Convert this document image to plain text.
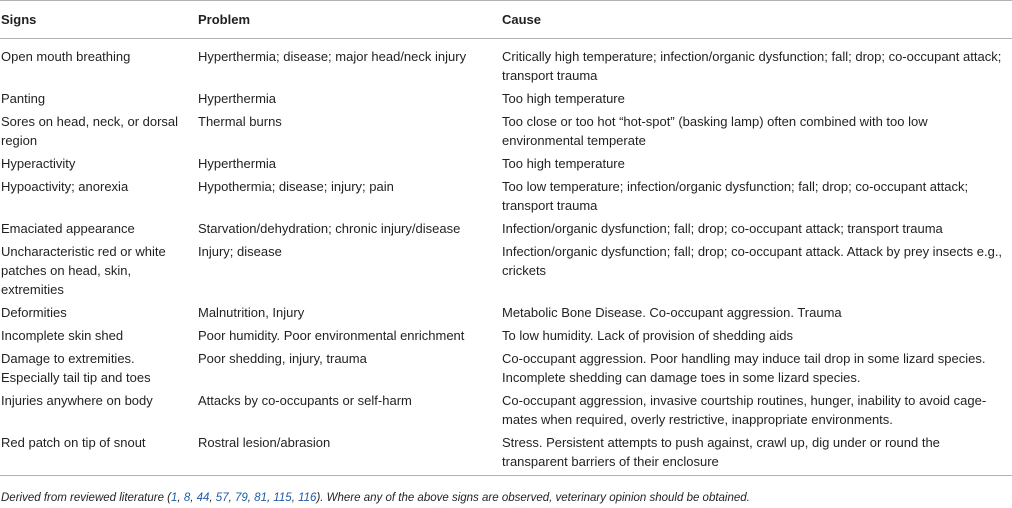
Signs	Problem	Cause
Open mouth breathing	Hyperthermia; disease; major head/neck injury	Critically high temperature; infection/organic dysfunction; fall; drop; co-occupant attack; transport trauma
Panting	Hyperthermia	Too high temperature
Sores on head, neck, or dorsal region	Thermal burns	Too close or too hot “hot-spot” (basking lamp) often combined with too low environmental temperate
Hyperactivity	Hyperthermia	Too high temperature
Hypoactivity; anorexia	Hypothermia; disease; injury; pain	Too low temperature; infection/organic dysfunction; fall; drop; co-occupant attack; transport trauma
Emaciated appearance	Starvation/dehydration; chronic injury/disease	Infection/organic dysfunction; fall; drop; co-occupant attack; transport trauma
Uncharacteristic red or white patches on head, skin, extremities	Injury; disease	Infection/organic dysfunction; fall; drop; co-occupant attack. Attack by prey insects e.g., crickets
Deformities	Malnutrition, Injury	Metabolic Bone Disease. Co-occupant aggression. Trauma
Incomplete skin shed	Poor humidity. Poor environmental enrichment	To low humidity. Lack of provision of shedding aids
Damage to extremities. Especially tail tip and toes	Poor shedding, injury, trauma	Co-occupant aggression. Poor handling may induce tail drop in some lizard species. Incomplete shedding can damage toes in some lizard species.
Injuries anywhere on body	Attacks by co-occupants or self-harm	Co-occupant aggression, invasive courtship routines, hunger, inability to avoid cage-mates when required, overly restrictive, inappropriate environments.
Red patch on tip of snout	Rostral lesion/abrasion	Stress. Persistent attempts to push against, crawl up, dig under or round the transparent barriers of their enclosure
Derived from reviewed literature (1, 8, 44, 57, 79, 81, 115, 116). Where any of the above signs are observed, veterinary opinion should be obtained.
